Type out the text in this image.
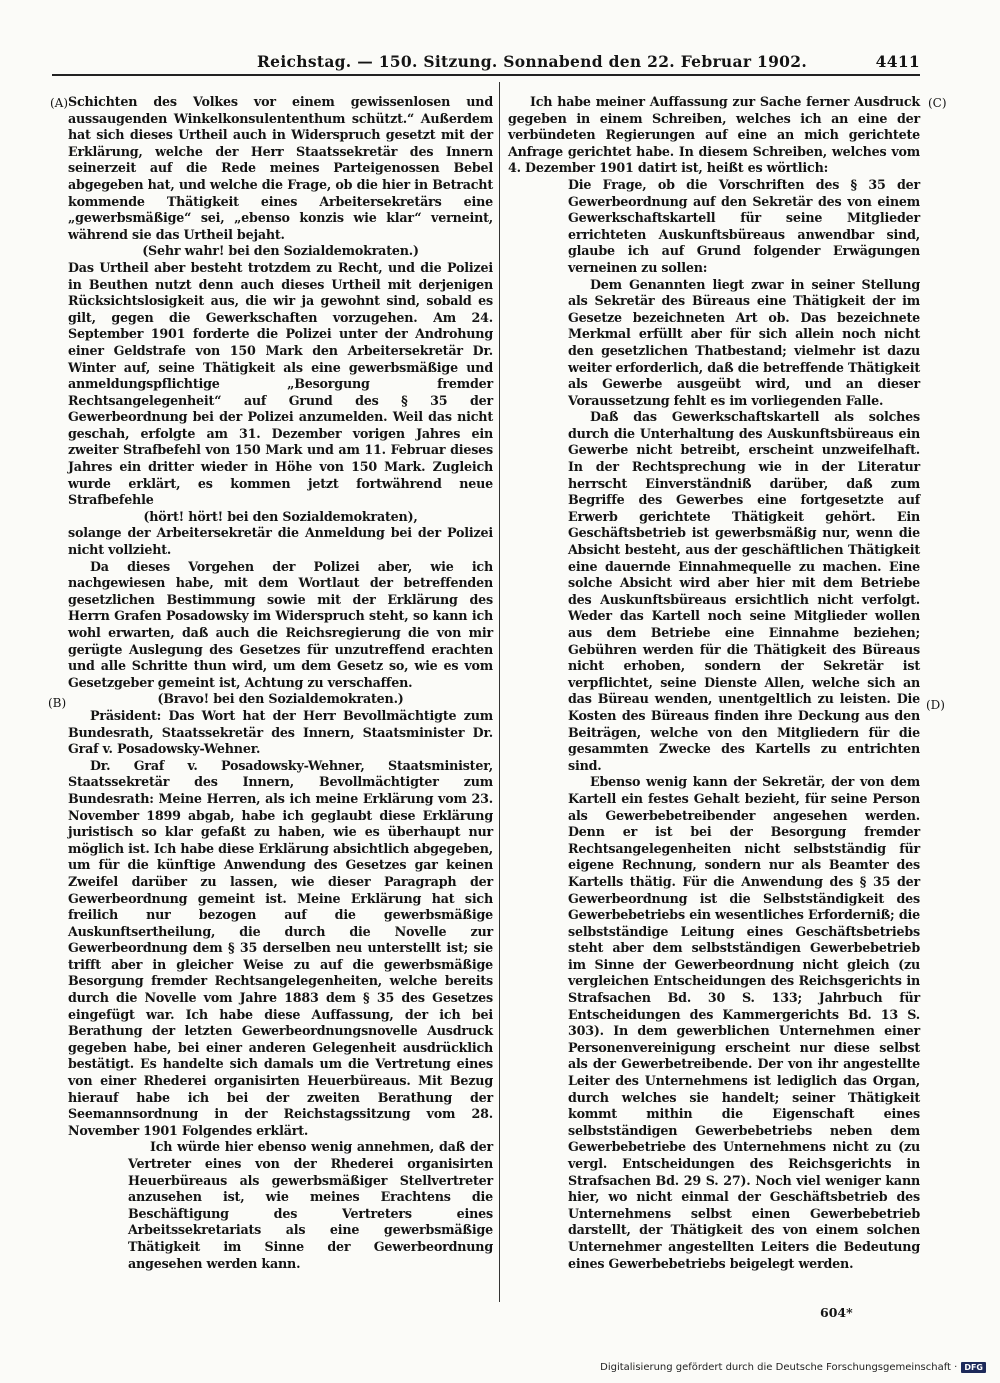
Reichstag. — 150. Sitzung. Sonnabend den 22. Februar 1902.	4411
(A)
(B)
(C)
(D)

Schichten des Volkes vor einem gewissenlosen und aussaugenden Winkelkonsulententhum schützt.“ Außerdem hat sich dieses Urtheil auch in Widerspruch gesetzt mit der Erklärung, welche der Herr Staatssekretär des Innern seinerzeit auf die Rede meines Parteigenossen Bebel abgegeben hat, und welche die Frage, ob die hier in Betracht kommende Thätigkeit eines Arbeitersekretärs eine „gewerbsmäßige“ sei, „ebenso konzis wie klar“ verneint, während sie das Urtheil bejaht.

(Sehr wahr! bei den Sozialdemokraten.)

Das Urtheil aber besteht trotzdem zu Recht, und die Polizei in Beuthen nutzt denn auch dieses Urtheil mit derjenigen Rücksichtslosigkeit aus, die wir ja gewohnt sind, sobald es gilt, gegen die Gewerkschaften vorzugehen. Am 24. September 1901 forderte die Polizei unter der Androhung einer Geldstrafe von 150 Mark den Arbeitersekretär Dr. Winter auf, seine Thätigkeit als eine gewerbsmäßige und anmeldungspflichtige „Besorgung fremder Rechtsangelegenheit“ auf Grund des § 35 der Gewerbeordnung bei der Polizei anzumelden. Weil das nicht geschah, erfolgte am 31. Dezember vorigen Jahres ein zweiter Strafbefehl von 150 Mark und am 11. Februar dieses Jahres ein dritter wieder in Höhe von 150 Mark. Zugleich wurde erklärt, es kommen jetzt fortwährend neue Strafbefehle

(hört! hört! bei den Sozialdemokraten),

solange der Arbeitersekretär die Anmeldung bei der Polizei nicht vollzieht.

Da dieses Vorgehen der Polizei aber, wie ich nachgewiesen habe, mit dem Wortlaut der betreffenden gesetzlichen Bestimmung sowie mit der Erklärung des Herrn Grafen Posadowsky im Widerspruch steht, so kann ich wohl erwarten, daß auch die Reichsregierung die von mir gerügte Auslegung des Gesetzes für unzutreffend erachten und alle Schritte thun wird, um dem Gesetz so, wie es vom Gesetzgeber gemeint ist, Achtung zu verschaffen.

(Bravo! bei den Sozialdemokraten.)

Präsident: Das Wort hat der Herr Bevollmächtigte zum Bundesrath, Staatssekretär des Innern, Staatsminister Dr. Graf v. Posadowsky-Wehner.

Dr. Graf v. Posadowsky-Wehner, Staatsminister, Staatssekretär des Innern, Bevollmächtigter zum Bundesrath: Meine Herren, als ich meine Erklärung vom 23. November 1899 abgab, habe ich geglaubt diese Erklärung juristisch so klar gefaßt zu haben, wie es überhaupt nur möglich ist. Ich habe diese Erklärung absichtlich abgegeben, um für die künftige Anwendung des Gesetzes gar keinen Zweifel darüber zu lassen, wie dieser Paragraph der Gewerbeordnung gemeint ist. Meine Erklärung hat sich freilich nur bezogen auf die gewerbsmäßige Auskunftsertheilung, die durch die Novelle zur Gewerbeordnung dem § 35 derselben neu unterstellt ist; sie trifft aber in gleicher Weise zu auf die gewerbsmäßige Besorgung fremder Rechtsangelegenheiten, welche bereits durch die Novelle vom Jahre 1883 dem § 35 des Gesetzes eingefügt war. Ich habe diese Auffassung, der ich bei Berathung der letzten Gewerbeordnungsnovelle Ausdruck gegeben habe, bei einer anderen Gelegenheit ausdrücklich bestätigt. Es handelte sich damals um die Vertretung eines von einer Rhederei organisirten Heuerbüreaus. Mit Bezug hierauf habe ich bei der zweiten Berathung der Seemannsordnung in der Reichstagssitzung vom 28. November 1901 Folgendes erklärt.

Ich würde hier ebenso wenig annehmen, daß der Vertreter eines von der Rhederei organisirten Heuerbüreaus als gewerbsmäßiger Stellvertreter anzusehen ist, wie meines Erachtens die Beschäftigung des Vertreters eines Arbeitssekretariats als eine gewerbsmäßige Thätigkeit im Sinne der Gewerbeordnung angesehen werden kann.

Ich habe meiner Auffassung zur Sache ferner Ausdruck gegeben in einem Schreiben, welches ich an eine der verbündeten Regierungen auf eine an mich gerichtete Anfrage gerichtet habe. In diesem Schreiben, welches vom 4. Dezember 1901 datirt ist, heißt es wörtlich:

Die Frage, ob die Vorschriften des § 35 der Gewerbeordnung auf den Sekretär des von einem Gewerkschaftskartell für seine Mitglieder errichteten Auskunftsbüreaus anwendbar sind, glaube ich auf Grund folgender Erwägungen verneinen zu sollen:

Dem Genannten liegt zwar in seiner Stellung als Sekretär des Büreaus eine Thätigkeit der im Gesetze bezeichneten Art ob. Das bezeichnete Merkmal erfüllt aber für sich allein noch nicht den gesetzlichen Thatbestand; vielmehr ist dazu weiter erforderlich, daß die betreffende Thätigkeit als Gewerbe ausgeübt wird, und an dieser Voraussetzung fehlt es im vorliegenden Falle.

Daß das Gewerkschaftskartell als solches durch die Unterhaltung des Auskunftsbüreaus ein Gewerbe nicht betreibt, erscheint unzweifelhaft. In der Rechtsprechung wie in der Literatur herrscht Einverständniß darüber, daß zum Begriffe des Gewerbes eine fortgesetzte auf Erwerb gerichtete Thätigkeit gehört. Ein Geschäftsbetrieb ist gewerbsmäßig nur, wenn die Absicht besteht, aus der geschäftlichen Thätigkeit eine dauernde Einnahmequelle zu machen. Eine solche Absicht wird aber hier mit dem Betriebe des Auskunftsbüreaus ersichtlich nicht verfolgt. Weder das Kartell noch seine Mitglieder wollen aus dem Betriebe eine Einnahme beziehen; Gebühren werden für die Thätigkeit des Büreaus nicht erhoben, sondern der Sekretär ist verpflichtet, seine Dienste Allen, welche sich an das Büreau wenden, unentgeltlich zu leisten. Die Kosten des Büreaus finden ihre Deckung aus den Beiträgen, welche von den Mitgliedern für die gesammten Zwecke des Kartells zu entrichten sind.

Ebenso wenig kann der Sekretär, der von dem Kartell ein festes Gehalt bezieht, für seine Person als Gewerbebetreibender angesehen werden. Denn er ist bei der Besorgung fremder Rechtsangelegenheiten nicht selbstständig für eigene Rechnung, sondern nur als Beamter des Kartells thätig. Für die Anwendung des § 35 der Gewerbeordnung ist die Selbstständigkeit des Gewerbebetriebs ein wesentliches Erforderniß; die selbstständige Leitung eines Geschäftsbetriebs steht aber dem selbstständigen Gewerbebetrieb im Sinne der Gewerbeordnung nicht gleich (zu vergleichen Entscheidungen des Reichsgerichts in Strafsachen Bd. 30 S. 133; Jahrbuch für Entscheidungen des Kammergerichts Bd. 13 S. 303). In dem gewerblichen Unternehmen einer Personenvereinigung erscheint nur diese selbst als der Gewerbetreibende. Der von ihr angestellte Leiter des Unternehmens ist lediglich das Organ, durch welches sie handelt; seiner Thätigkeit kommt mithin die Eigenschaft eines selbstständigen Gewerbebetriebs neben dem Gewerbebetriebe des Unternehmens nicht zu (zu vergl. Entscheidungen des Reichsgerichts in Strafsachen Bd. 29 S. 27). Noch viel weniger kann hier, wo nicht einmal der Geschäftsbetrieb des Unternehmens selbst einen Gewerbebetrieb darstellt, der Thätigkeit des von einem solchen Unternehmer angestellten Leiters die Bedeutung eines Gewerbebetriebs beigelegt werden.

604*
Digitalisierung gefördert durch die Deutsche Forschungsgemeinschaft · DFG
